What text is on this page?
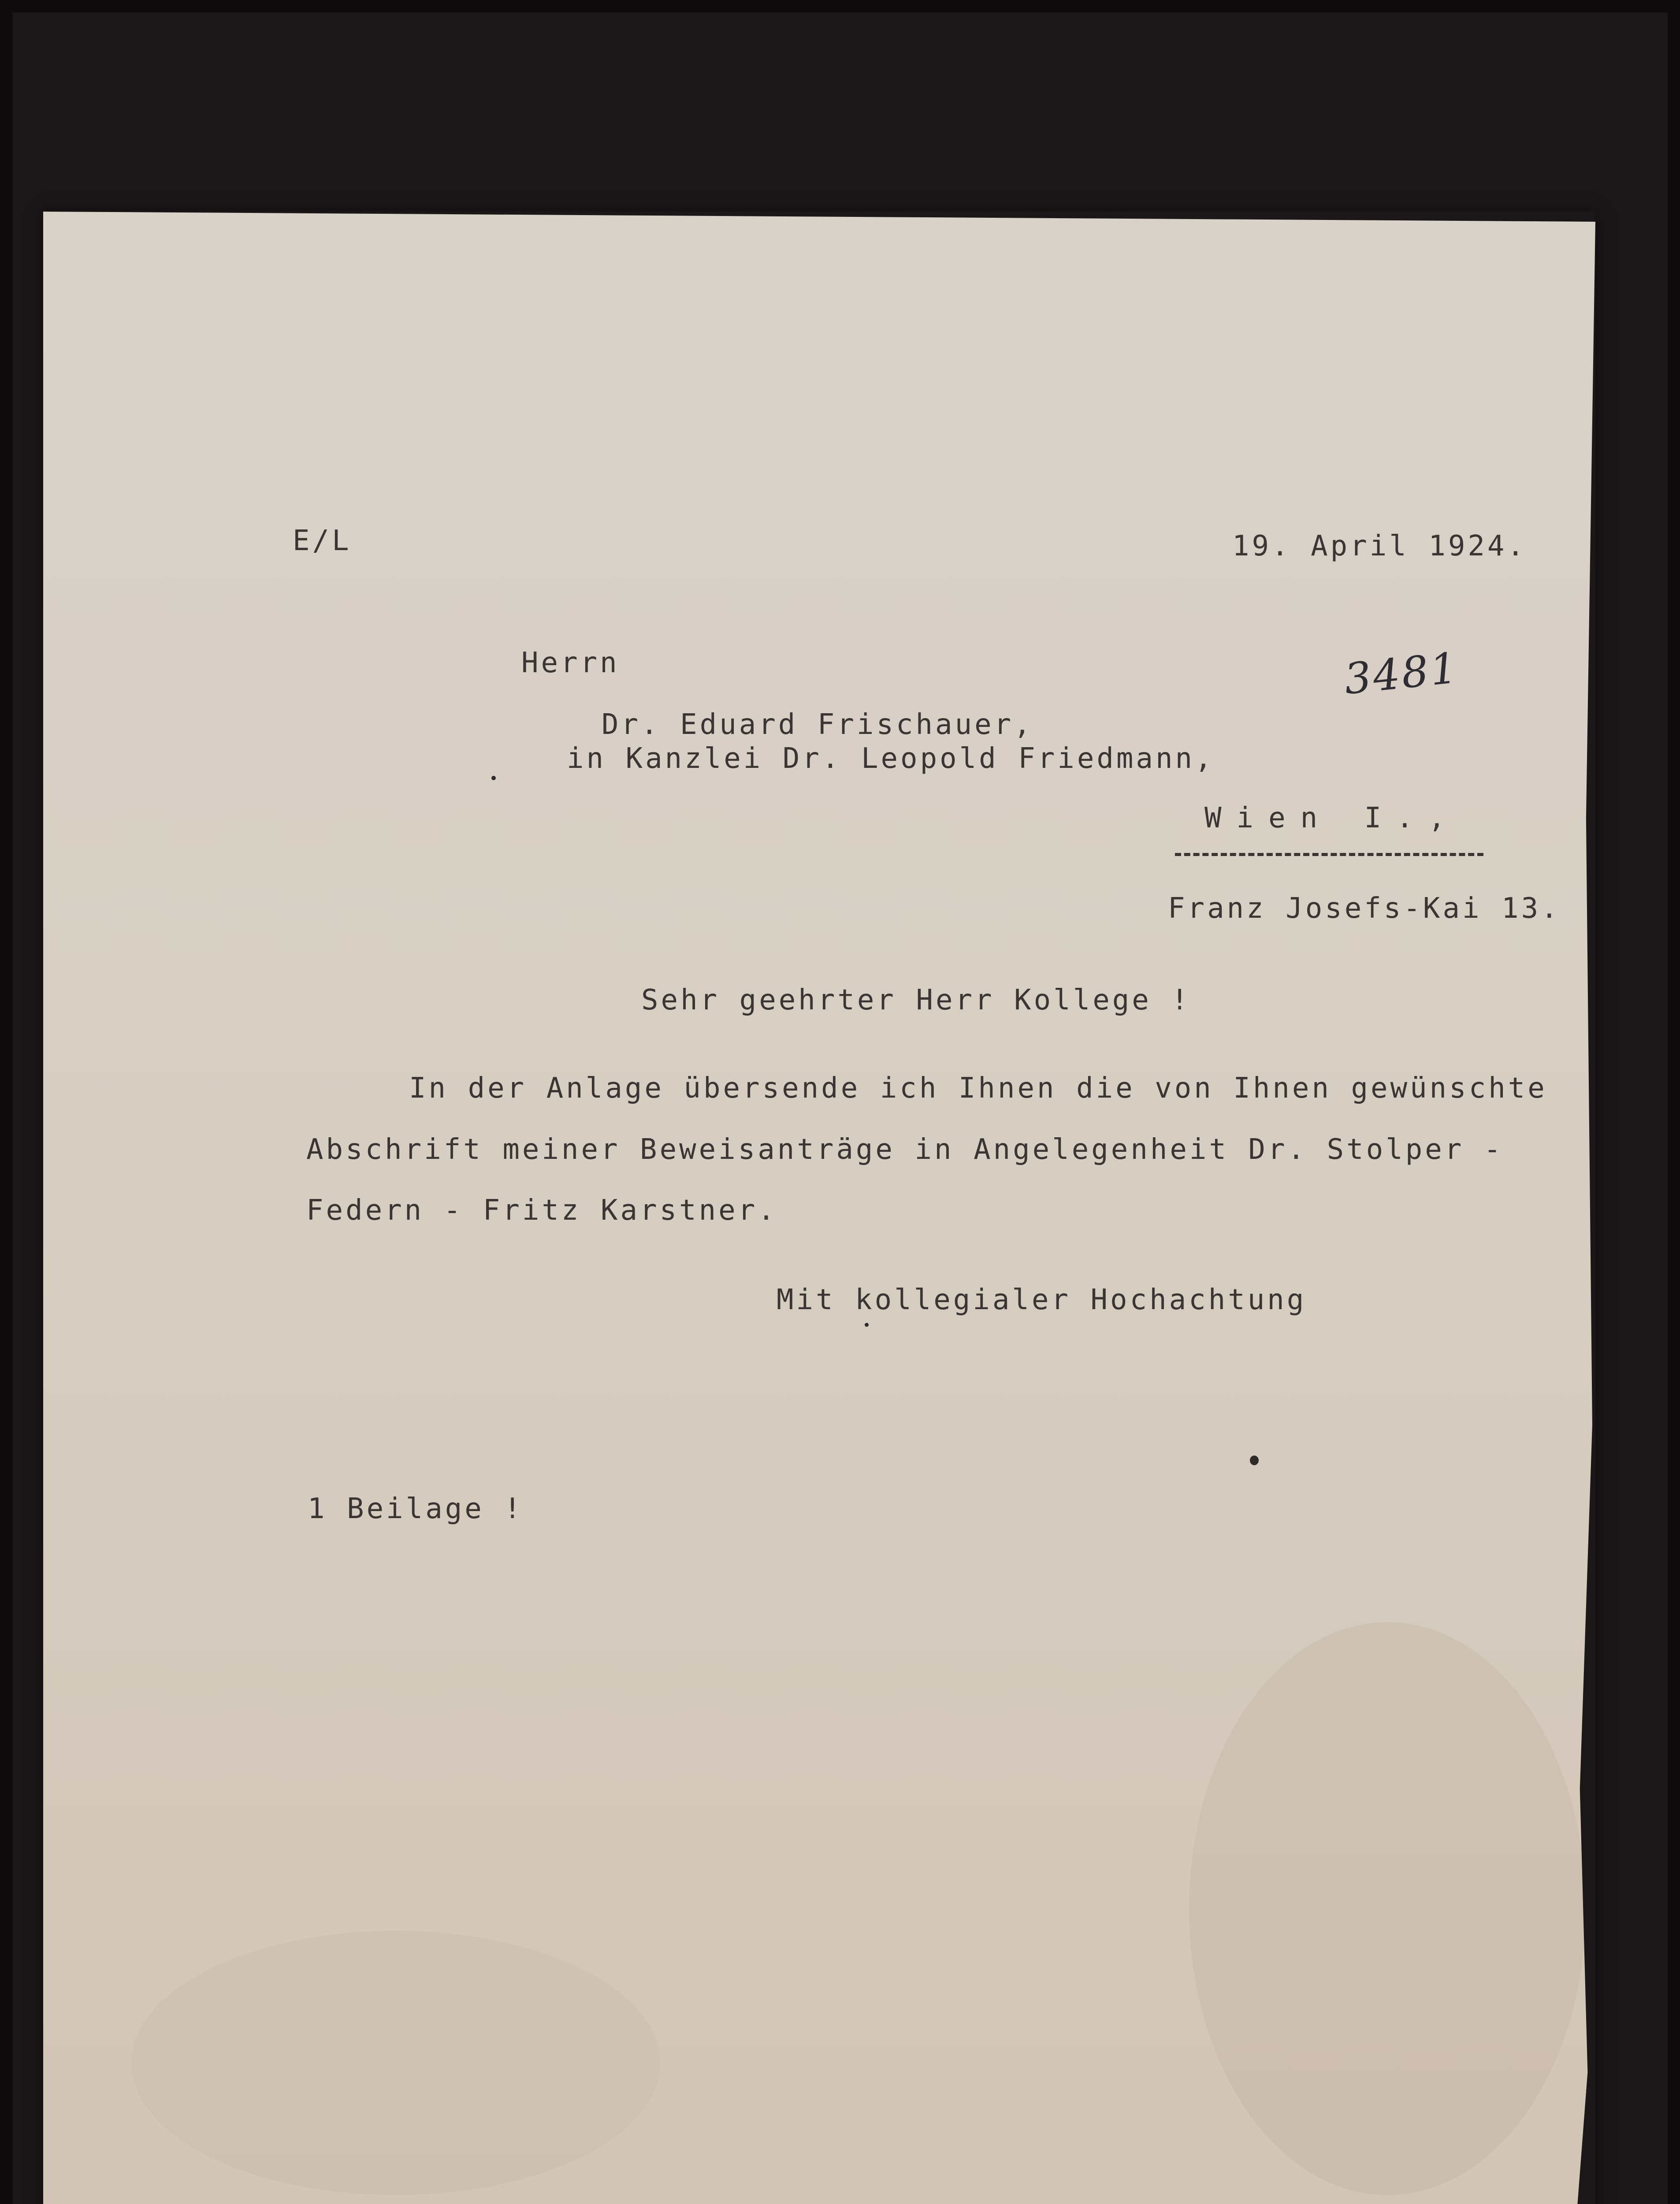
E/L	19. April 1924.
3481
Herrn
Dr. Eduard Frischauer,
in Kanzlei Dr. Leopold Friedmann,
Wien I.,
Franz Josefs-Kai 13.
Sehr geehrter Herr Kollege !
In der Anlage übersende ich Ihnen die von Ihnen gewünschte
Abschrift meiner Beweisanträge in Angelegenheit Dr. Stolper -
Federn - Fritz Karstner.
Mit kollegialer Hochachtung
1 Beilage !
